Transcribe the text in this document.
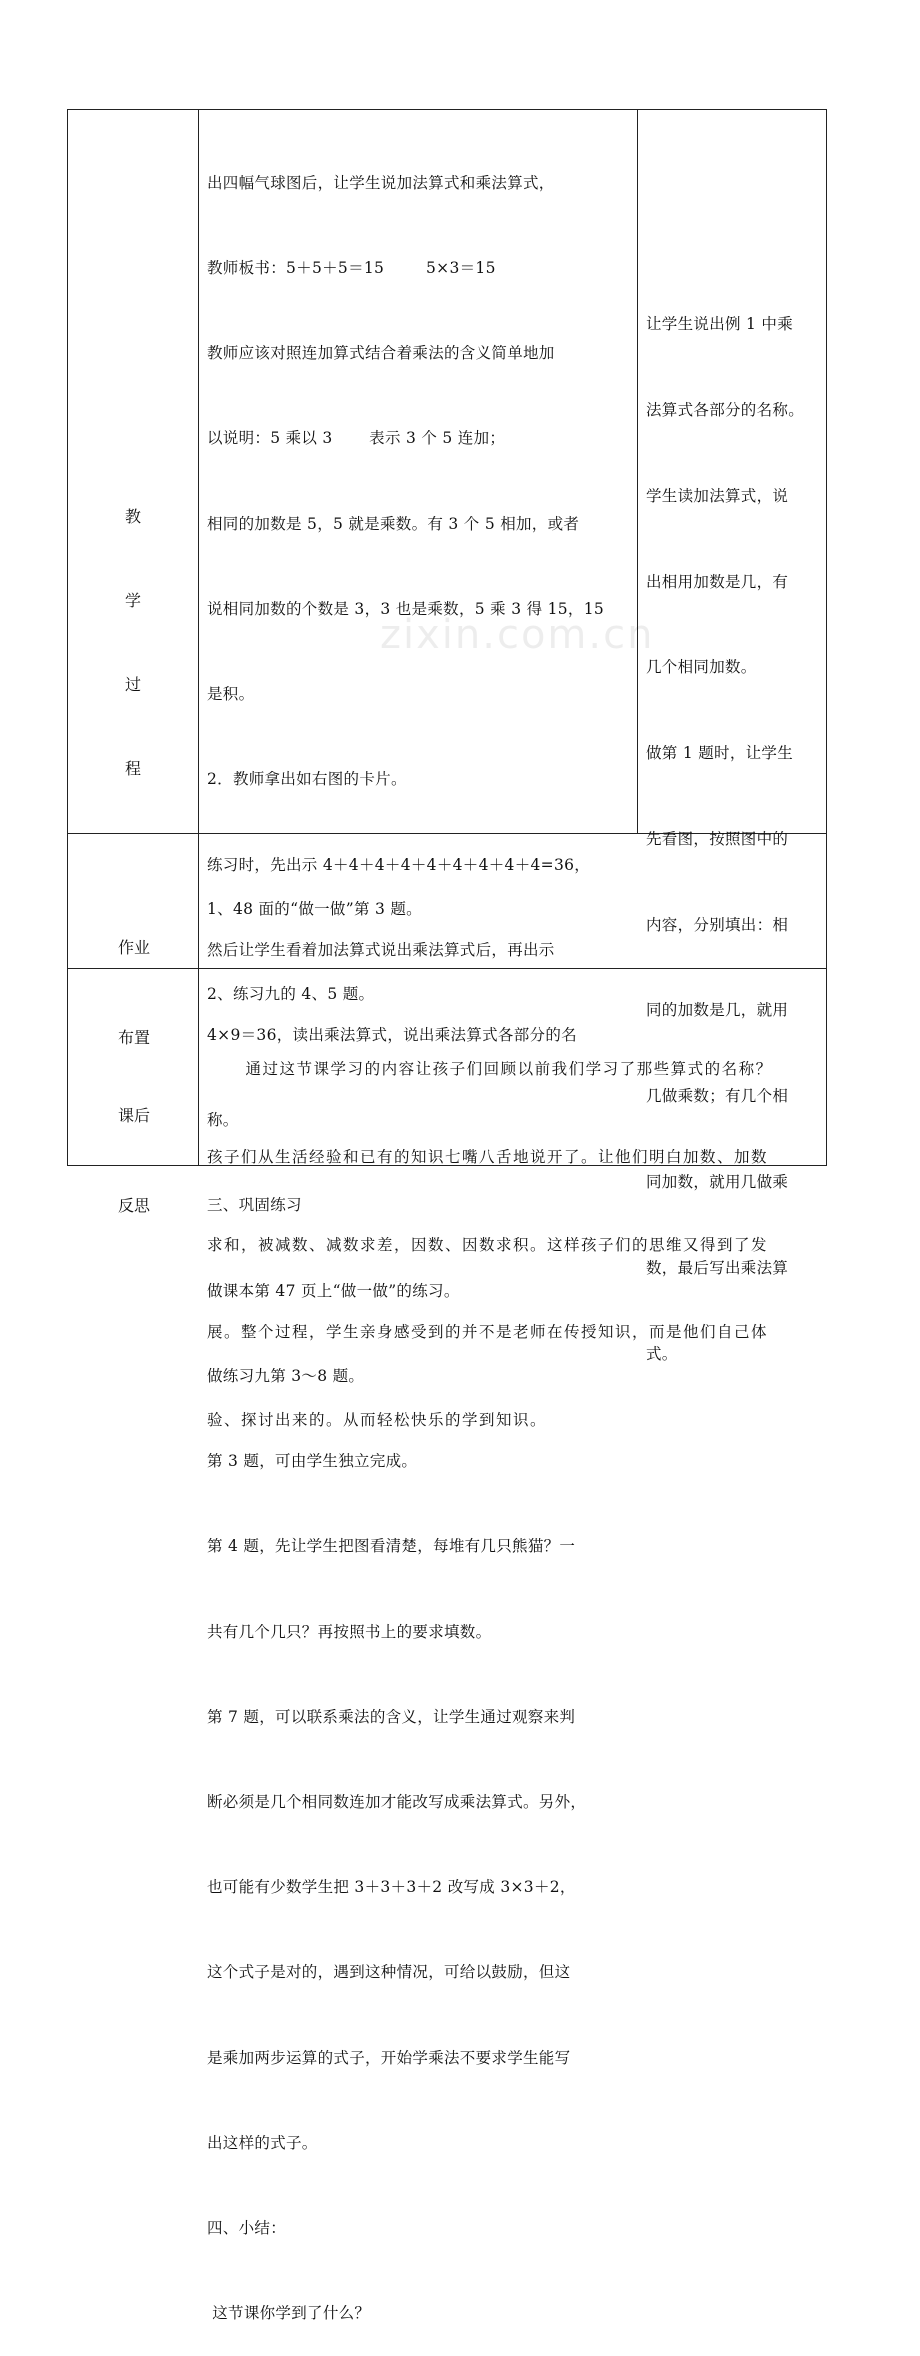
zixin.com.cn

教

学

过

程

作业

布置

课后

反思

出四幅气球图后，让学生说加法算式和乘法算式，

教师板书：5＋5＋5＝15        5×3＝15

教师应该对照连加算式结合着乘法的含义简单地加

以说明：5 乘以 3       表示 3 个 5 连加；

相同的加数是 5，5 就是乘数。有 3 个 5 相加，或者

说相同加数的个数是 3，3 也是乘数，5 乘 3 得 15，15

是积。

2．教师拿出如右图的卡片。

练习时，先出示 4＋4＋4＋4＋4＋4＋4＋4＋4=36，

然后让学生看着加法算式说出乘法算式后，再出示

4×9＝36，读出乘法算式，说出乘法算式各部分的名

称。

三、巩固练习

做课本第 47 页上“做一做”的练习。

做练习九第 3～8 题。

第 3 题，可由学生独立完成。

第 4 题，先让学生把图看清楚，每堆有几只熊猫？一

共有几个几只？再按照书上的要求填数。

第 7 题，可以联系乘法的含义，让学生通过观察来判

断必须是几个相同数连加才能改写成乘法算式。另外，

也可能有少数学生把 3＋3＋3＋2 改写成 3×3＋2，

这个式子是对的，遇到这种情况，可给以鼓励，但这

是乘加两步运算的式子，开始学乘法不要求学生能写

出这样的式子。

四、小结：

这节课你学到了什么？

让学生说出例 1 中乘

法算式各部分的名称。

学生读加法算式，说

出相用加数是几，有

几个相同加数。

做第 1 题时，让学生

先看图，按照图中的

内容，分别填出：相

同的加数是几，就用

几做乘数；有几个相

同加数，就用几做乘

数，最后写出乘法算

式。

1、48 面的“做一做”第 3 题。

2、练习九的 4、5 题。

通过这节课学习的内容让孩子们回顾以前我们学习了那些算式的名称？

孩子们从生活经验和已有的知识七嘴八舌地说开了。让他们明白加数、加数

求和，被减数、减数求差，因数、因数求积。这样孩子们的思维又得到了发

展。整个过程，学生亲身感受到的并不是老师在传授知识，而是他们自己体

验、探讨出来的。从而轻松快乐的学到知识。
